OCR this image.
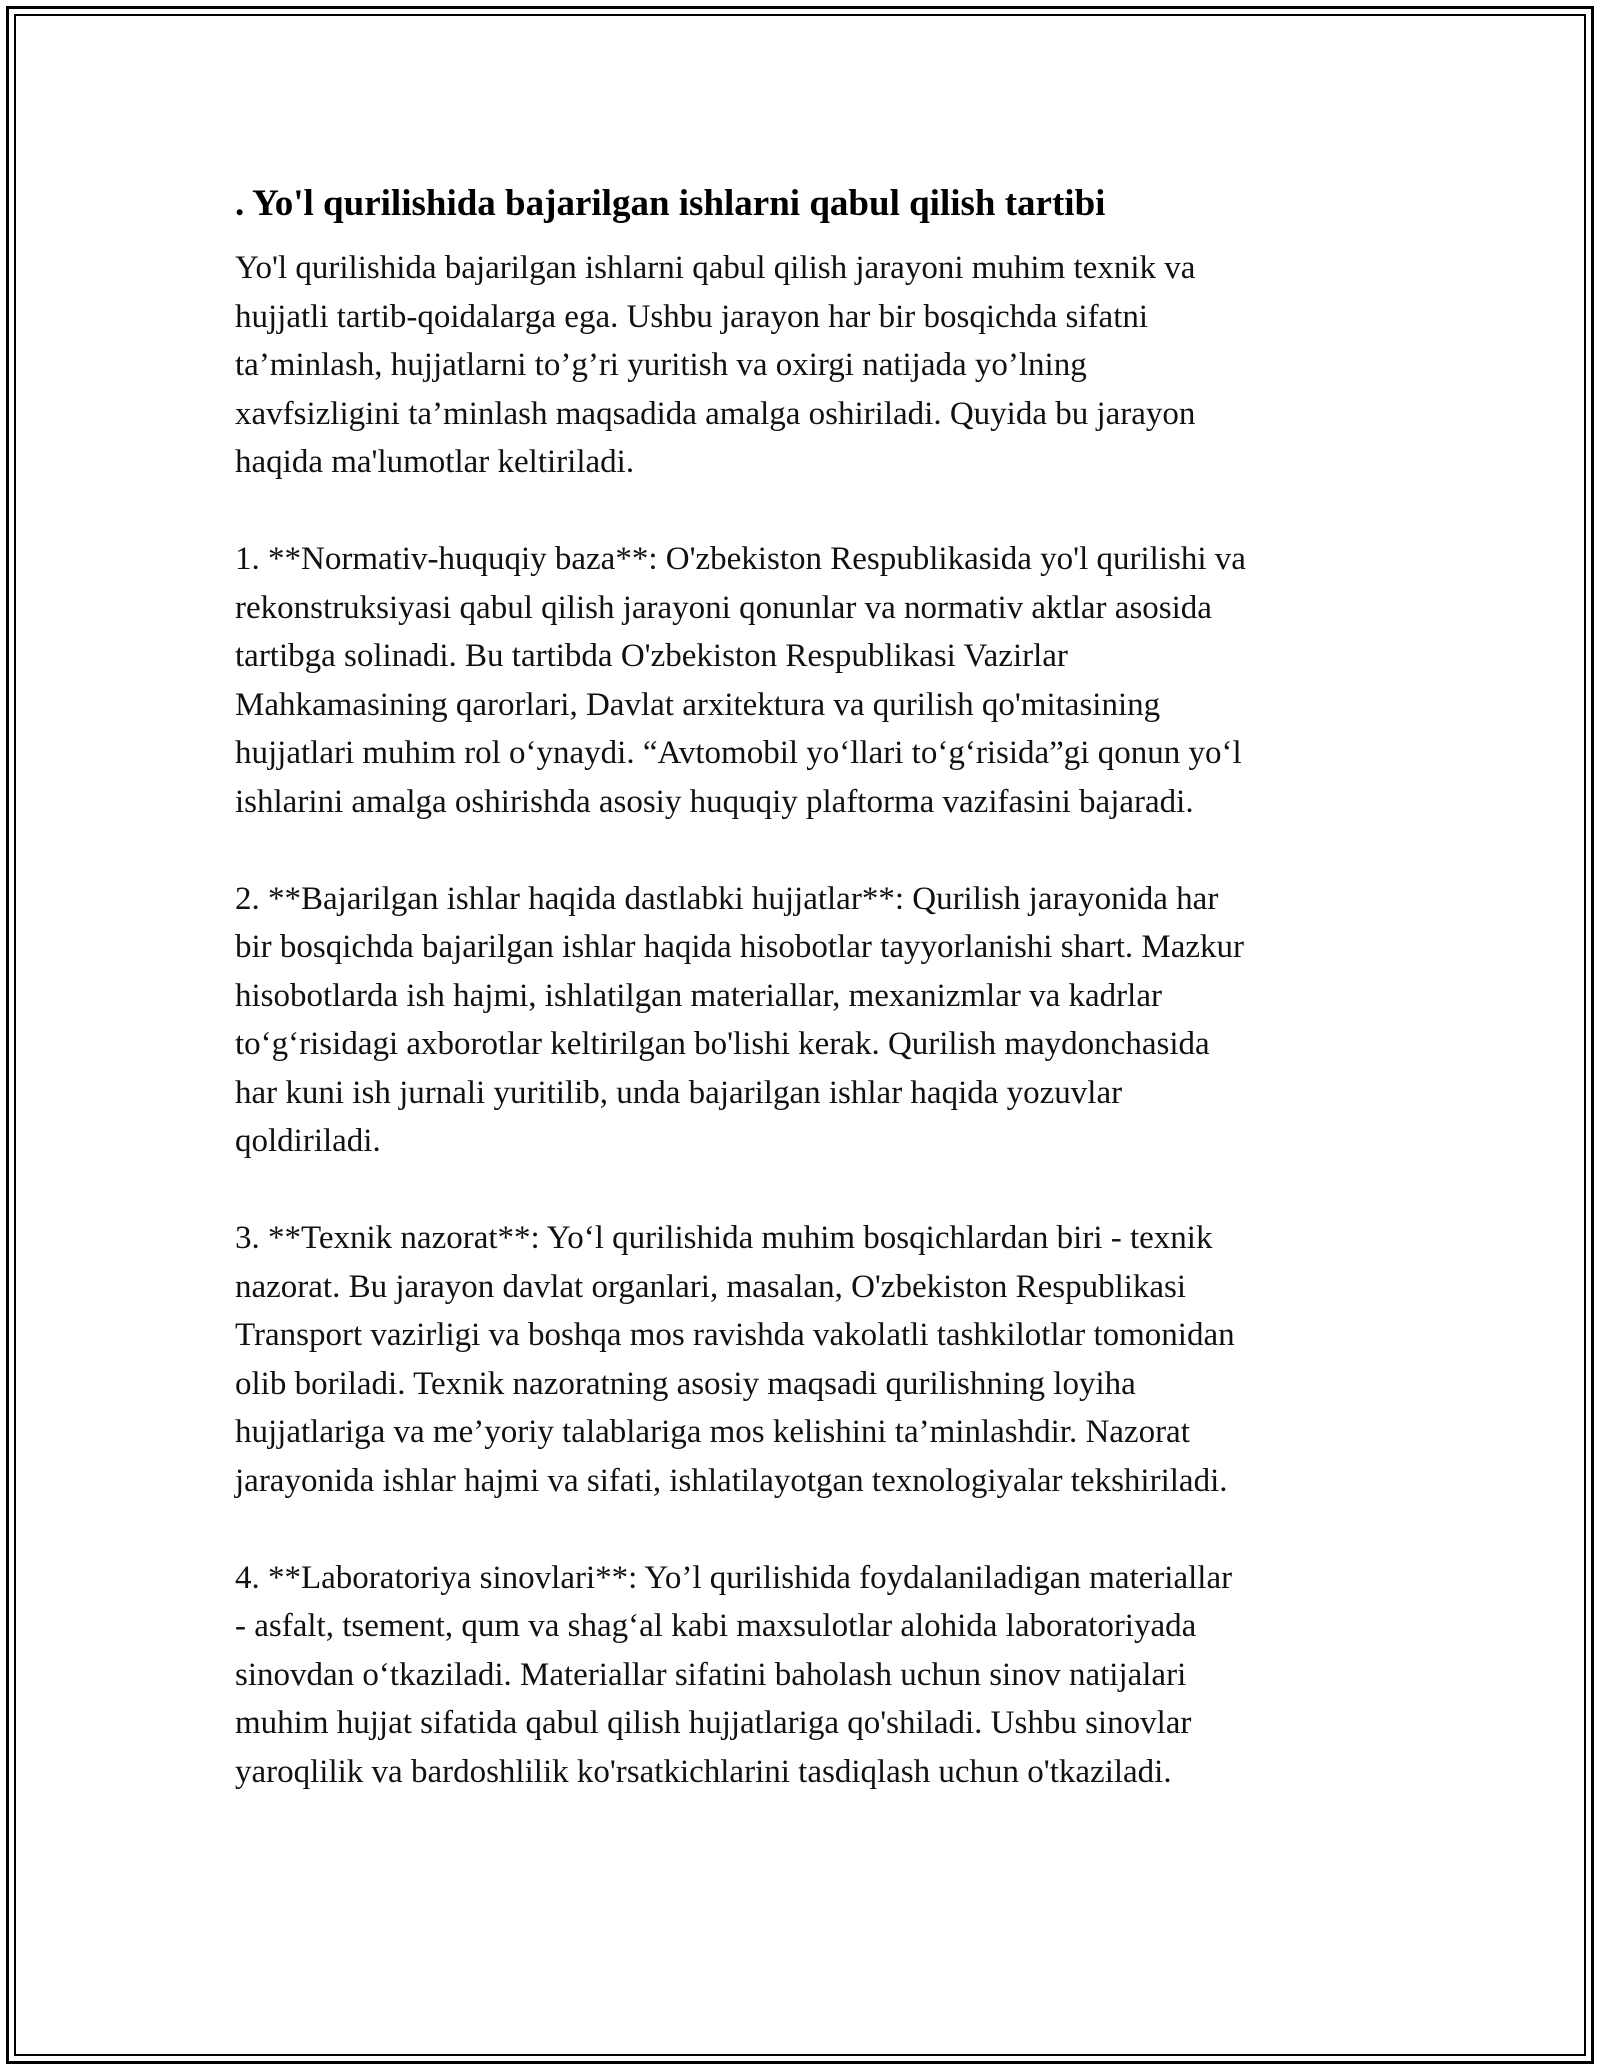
. Yo'l qurilishida bajarilgan ishlarni qabul qilish tartibi

Yo'l qurilishida bajarilgan ishlarni qabul qilish jarayoni muhim texnik va
hujjatli tartib-qoidalarga ega. Ushbu jarayon har bir bosqichda sifatni
ta’minlash, hujjatlarni to’g’ri yuritish va oxirgi natijada yo’lning
xavfsizligini ta’minlash maqsadida amalga oshiriladi. Quyida bu jarayon
haqida ma'lumotlar keltiriladi.

1. **Normativ-huquqiy baza**: O'zbekiston Respublikasida yo'l qurilishi va
rekonstruksiyasi qabul qilish jarayoni qonunlar va normativ aktlar asosida
tartibga solinadi. Bu tartibda O'zbekiston Respublikasi Vazirlar
Mahkamasining qarorlari, Davlat arxitektura va qurilish qo'mitasining
hujjatlari muhim rol o‘ynaydi. “Avtomobil yo‘llari to‘g‘risida”gi qonun yo‘l
ishlarini amalga oshirishda asosiy huquqiy plaftorma vazifasini bajaradi.

2. **Bajarilgan ishlar haqida dastlabki hujjatlar**: Qurilish jarayonida har
bir bosqichda bajarilgan ishlar haqida hisobotlar tayyorlanishi shart. Mazkur
hisobotlarda ish hajmi, ishlatilgan materiallar, mexanizmlar va kadrlar
to‘g‘risidagi axborotlar keltirilgan bo'lishi kerak. Qurilish maydonchasida
har kuni ish jurnali yuritilib, unda bajarilgan ishlar haqida yozuvlar
qoldiriladi.

3. **Texnik nazorat**: Yo‘l qurilishida muhim bosqichlardan biri - texnik
nazorat. Bu jarayon davlat organlari, masalan, O'zbekiston Respublikasi
Transport vazirligi va boshqa mos ravishda vakolatli tashkilotlar tomonidan
olib boriladi. Texnik nazoratning asosiy maqsadi qurilishning loyiha
hujjatlariga va me’yoriy talablariga mos kelishini ta’minlashdir. Nazorat
jarayonida ishlar hajmi va sifati, ishlatilayotgan texnologiyalar tekshiriladi.

4. **Laboratoriya sinovlari**: Yo’l qurilishida foydalaniladigan materiallar
- asfalt, tsement, qum va shag‘al kabi maxsulotlar alohida laboratoriyada
sinovdan o‘tkaziladi. Materiallar sifatini baholash uchun sinov natijalari
muhim hujjat sifatida qabul qilish hujjatlariga qo'shiladi. Ushbu sinovlar
yaroqlilik va bardoshlilik ko'rsatkichlarini tasdiqlash uchun o'tkaziladi.
